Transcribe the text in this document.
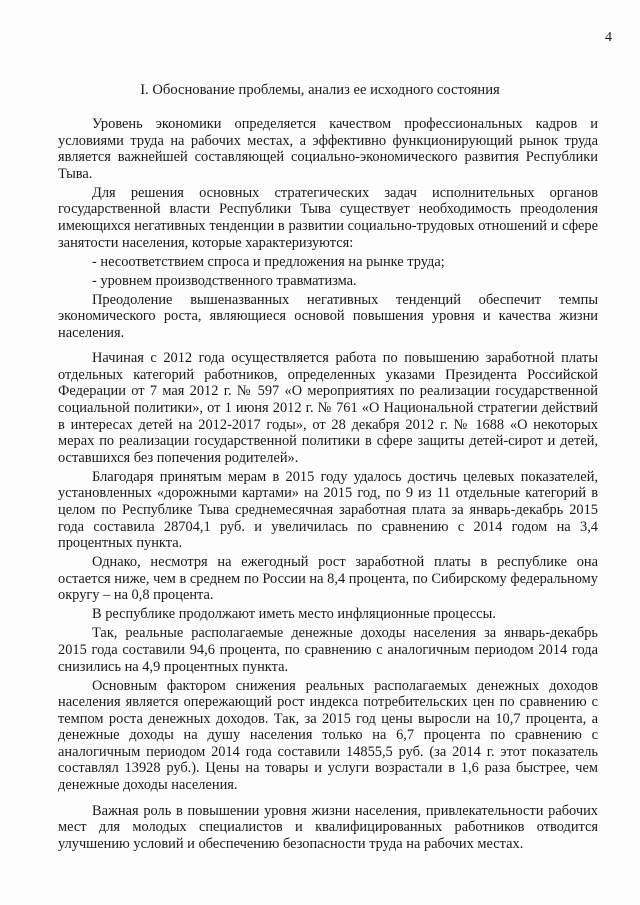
4
I. Обоснование проблемы, анализ ее исходного состояния

Уровень экономики определяется качеством профессиональных кадров и условиями труда на рабочих местах, а эффективно функционирующий рынок труда является важнейшей составляющей социально-экономического развития Республики Тыва.

Для решения основных стратегических задач исполнительных органов государственной власти Республики Тыва существует необходимость преодоления имеющихся негативных тенденции в развитии социально-трудовых отношений и сфере занятости населения, которые характеризуются:

- несоответствием спроса и предложения на рынке труда;

- уровнем производственного травматизма.

Преодоление вышеназванных негативных тенденций обеспечит темпы экономического роста, являющиеся основой повышения уровня и качества жизни населения.

Начиная с 2012 года осуществляется работа по повышению заработной платы отдельных категорий работников, определенных указами Президента Российской Федерации от 7 мая 2012 г. № 597 «О мероприятиях по реализации государственной социальной политики», от 1 июня 2012 г. № 761 «О Национальной стратегии действий в интересах детей на 2012-2017 годы», от 28 декабря 2012 г. № 1688 «О некоторых мерах по реализации государственной политики в сфере защиты детей-сирот и детей, оставшихся без попечения родителей».

Благодаря принятым мерам в 2015 году удалось достичь целевых показателей, установленных «дорожными картами» на 2015 год, по 9 из 11 отдельные категорий в целом по Республике Тыва среднемесячная заработная плата за январь-декабрь 2015 года составила 28704,1 руб. и увеличилась по сравнению с 2014 годом на 3,4 процентных пункта.

Однако, несмотря на ежегодный рост заработной платы в республике она остается ниже, чем в среднем по России на 8,4 процента, по Сибирскому федеральному округу – на 0,8 процента.

В республике продолжают иметь место инфляционные процессы.

Так, реальные располагаемые денежные доходы населения за январь-декабрь 2015 года составили 94,6 процента, по сравнению с аналогичным периодом 2014 года снизились на 4,9 процентных пункта.

Основным фактором снижения реальных располагаемых денежных доходов населения является опережающий рост индекса потребительских цен по сравнению с темпом роста денежных доходов. Так, за 2015 год цены выросли на 10,7 процента, а денежные доходы на душу населения только на 6,7 процента по сравнению с аналогичным периодом 2014 года составили 14855,5 руб. (за 2014 г. этот показатель составлял 13928 руб.). Цены на товары и услуги возрастали в 1,6 раза быстрее, чем денежные доходы населения.

Важная роль в повышении уровня жизни населения, привлекательности рабочих мест для молодых специалистов и квалифицированных работников отводится улучшению условий и обеспечению безопасности труда на рабочих местах.
